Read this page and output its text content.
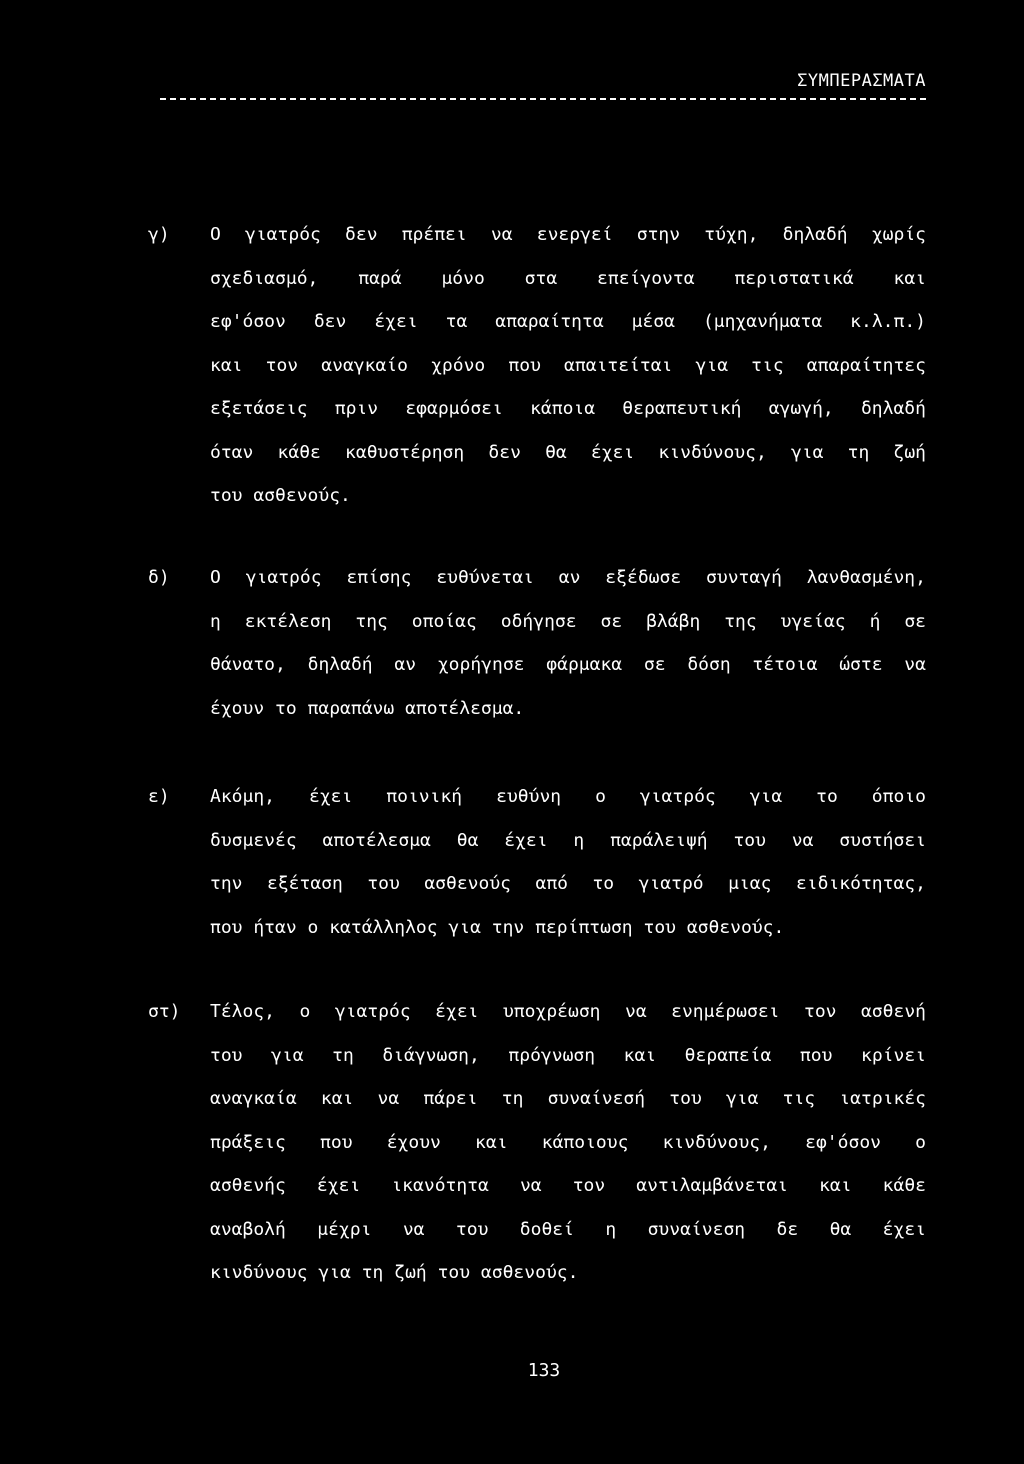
ΣΥΜΠΕΡΑΣΜΑΤΑ
γ) Ο γιατρός δεν πρέπει να ενεργεί στην τύχη, δηλαδή χωρίς
σχεδιασμό, παρά μόνο στα επείγοντα περιστατικά και
εφ'όσον δεν έχει τα απαραίτητα μέσα (μηχανήματα κ.λ.π.)
και τον αναγκαίο χρόνο που απαιτείται για τις απαραίτητες
εξετάσεις πριν εφαρμόσει κάποια θεραπευτική αγωγή, δηλαδή
όταν κάθε καθυστέρηση δεν θα έχει κινδύνους, για τη ζωή
του ασθενούς.
δ) Ο γιατρός επίσης ευθύνεται αν εξέδωσε συνταγή λανθασμένη,
η εκτέλεση της οποίας οδήγησε σε βλάβη της υγείας ή σε
θάνατο, δηλαδή αν χορήγησε φάρμακα σε δόση τέτοια ώστε να
έχουν το παραπάνω αποτέλεσμα.
ε) Ακόμη, έχει ποινική ευθύνη ο γιατρός για το όποιο
δυσμενές αποτέλεσμα θα έχει η παράλειψή του να συστήσει
την εξέταση του ασθενούς από το γιατρό μιας ειδικότητας,
που ήταν ο κατάλληλος για την περίπτωση του ασθενούς.
στ) Τέλος, ο γιατρός έχει υποχρέωση να ενημέρωσει τον ασθενή
του για τη διάγνωση, πρόγνωση και θεραπεία που κρίνει
αναγκαία και να πάρει τη συναίνεσή του για τις ιατρικές
πράξεις που έχουν και κάποιους κινδύνους, εφ'όσον ο
ασθενής έχει ικανότητα να τον αντιλαμβάνεται και κάθε
αναβολή μέχρι να του δοθεί η συναίνεση δε θα έχει
κινδύνους για τη ζωή του ασθενούς.
133
